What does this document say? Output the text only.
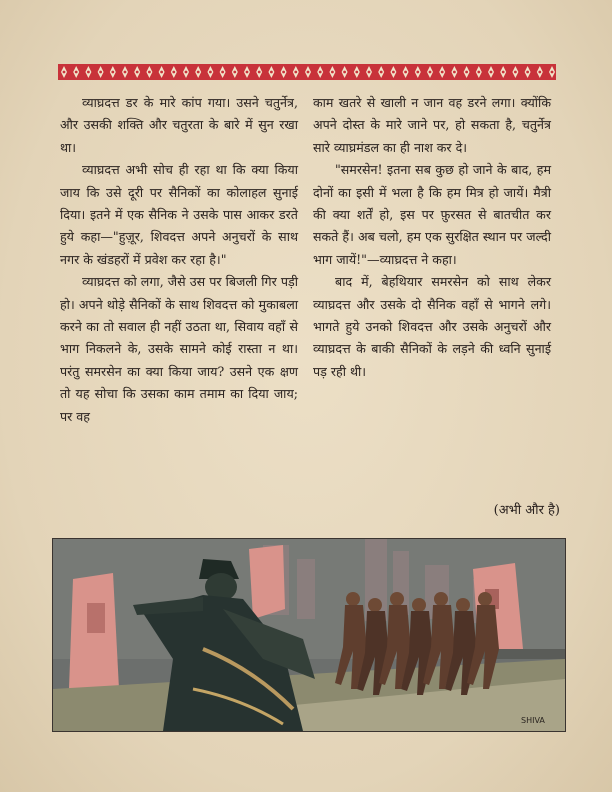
व्याघ्रदत्त डर के मारे कांप गया। उसने चतुर्नेत्र, और उसकी शक्ति और चतुरता के बारे में सुन रखा था।

व्याघ्रदत्त अभी सोच ही रहा था कि क्या किया जाय कि उसे दूरी पर सैनिकों का कोलाहल सुनाई दिया। इतने में एक सैनिक ने उसके पास आकर डरते हुये कहा—"हुज़ूर, शिवदत्त अपने अनुचरों के साथ नगर के खंडहरों में प्रवेश कर रहा है।"

व्याघ्रदत्त को लगा, जैसे उस पर बिजली गिर पड़ी हो। अपने थोड़े सैनिकों के साथ शिवदत्त को मुकाबला करने का तो सवाल ही नहीं उठता था, सिवाय वहाँ से भाग निकलने के, उसके सामने कोई रास्ता न था। परंतु समरसेन का क्या किया जाय? उसने एक क्षण तो यह सोचा कि उसका काम तमाम का दिया जाय; पर वह

काम खतरे से खाली न जान वह डरने लगा। क्योंकि अपने दोस्त के मारे जाने पर, हो सकता है, चतुर्नेत्र सारे व्याघ्रमंडल का ही नाश कर दे।

"समरसेन! इतना सब कुछ हो जाने के बाद, हम दोनों का इसी में भला है कि हम मित्र हो जायें। मैत्री की क्या शर्तें हो, इस पर फ़ुरसत से बातचीत कर सकते हैं। अब चलो, हम एक सुरक्षित स्थान पर जल्दी भाग जायें!"—व्याघ्रदत्त ने कहा।

बाद में, बेहथियार समरसेन को साथ लेकर व्याघ्रदत्त और उसके दो सैनिक वहाँ से भागने लगे। भागते हुये उनको शिवदत्त और उसके अनुचरों और व्याघ्रदत्त के बाकी सैनिकों के लड़ने की ध्वनि सुनाई पड़ रही थी।

(अभी और है)
SHIVA
